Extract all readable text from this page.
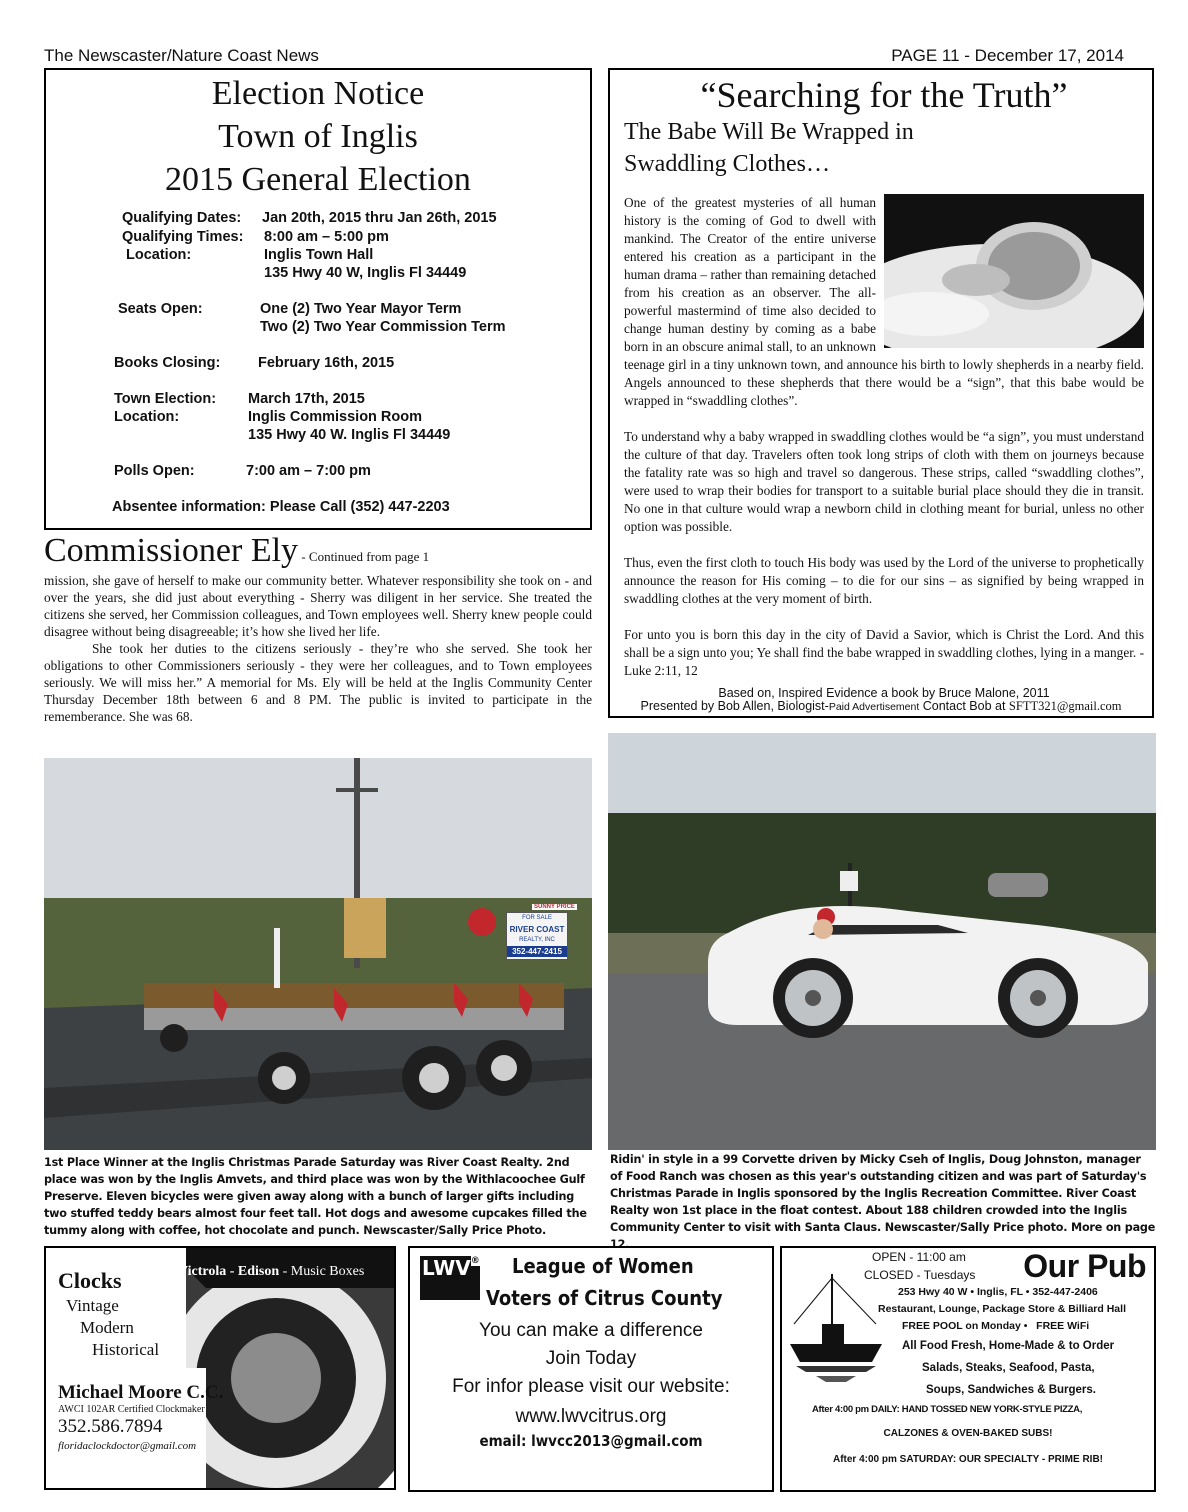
The Newscaster/Nature Coast News	PAGE 11 - December 17, 2014
Election Notice
Town of Inglis
2015 General Election
Qualifying Dates: Jan 20th, 2015 thru Jan 26th, 2015
Qualifying Times: 8:00 am – 5:00 pm
Location:	Inglis Town Hall
135 Hwy 40 W, Inglis Fl 34449
Seats Open:	One (2) Two Year Mayor Term
Two (2) Two Year Commission Term
Books Closing:	February 16th, 2015
Town Election: March 17th, 2015
Location:	Inglis Commission Room
135 Hwy 40 W. Inglis Fl 34449
Polls Open:	7:00 am – 7:00 pm
Absentee information: Please Call (352) 447-2203
Commissioner Ely - Continued from page 1

mission, she gave of herself to make our community better. Whatever responsibility she took on - and over the years, she did just about everything - Sherry was diligent in her service. She treated the citizens she served, her Commission colleagues, and Town employees well. Sherry knew people could disagree without being disagreeable; it’s how she lived her life.

She took her duties to the citizens seriously - they’re who she served. She took her obligations to other Commissioners seriously - they were her colleagues, and to Town employees seriously. We will miss her.” A memorial for Ms. Ely will be held at the Inglis Community Center Thursday December 18th between 6 and 8 PM. The public is invited to participate in the rememberance. She was 68.

“Searching for the Truth”
The Babe Will Be Wrapped in
Swaddling Clothes…

One of the greatest mysteries of all human history is the coming of God to dwell with mankind. The Creator of the entire universe entered his creation as a participant in the human drama – rather than remaining detached from his creation as an observer. The all-powerful mastermind of time also decided to change human destiny by coming as a babe born in an obscure animal stall, to an unknown teenage girl in a tiny unknown town, and announce his birth to lowly shepherds in a nearby field. Angels announced to these shepherds that there would be a “sign”, that this babe would be wrapped in “swaddling clothes”.

To understand why a baby wrapped in swaddling clothes would be “a sign”, you must understand the culture of that day. Travelers often took long strips of cloth with them on journeys because the fatality rate was so high and travel so dangerous. These strips, called “swaddling clothes”, were used to wrap their bodies for transport to a suitable burial place should they die in transit. No one in that culture would wrap a newborn child in clothing meant for burial, unless no other option was possible.

Thus, even the first cloth to touch His body was used by the Lord of the universe to prophetically announce the reason for His coming – to die for our sins – as signified by being wrapped in swaddling clothes at the very moment of birth.

For unto you is born this day in the city of David a Savior, which is Christ the Lord. And this shall be a sign unto you; Ye shall find the babe wrapped in swaddling clothes, lying in a manger. - Luke 2:11, 12

Based on, Inspired Evidence a book by Bruce Malone, 2011
Presented by Bob Allen, Biologist-Paid Advertisement Contact Bob at SFTT321@gmail.com
FOR SALE
RIVER COAST
REALTY, INC
352-447-2415
SUNNY PRICE
1st Place Winner at the Inglis Christmas Parade Saturday was River Coast Realty. 2nd place was won by the Inglis Amvets, and third place was won by the Withlacoochee Gulf Preserve. Eleven bicycles were given away along with a bunch of larger gifts including two stuffed teddy bears almost four feet tall. Hot dogs and awesome cupcakes filled the tummy along with coffee, hot chocolate and punch. Newscaster/Sally Price Photo.
Ridin' in style in a 99 Corvette driven by Micky Cseh of Inglis, Doug Johnston, manager of Food Ranch was chosen as this year's outstanding citizen and was part of Saturday's Christmas Parade in Inglis sponsored by the Inglis Recreation Committee. River Coast Realty won 1st place in the float contest. About 188 children crowded into the Inglis Community Center to visit with Santa Claus. Newscaster/Sally Price photo. More on page 12.
Clocks
Vintage
Modern
Historical
Victrola - Edison - Music Boxes
Michael Moore C.C.
AWCI 102AR Certified Clockmaker
352.586.7894
floridaclockdoctor@gmail.com
LWV® League of Women
Voters of Citrus County
You can make a difference
Join Today
For infor please visit our website:
www.lwvcitrus.org
email: lwvcc2013@gmail.com
OPEN - 11:00 am
CLOSED - Tuesdays Our Pub
253 Hwy 40 W • Inglis, FL • 352-447-2406
Restaurant, Lounge, Package Store & Billiard Hall
FREE POOL on Monday •   FREE WiFi
All Food Fresh, Home-Made & to Order
Salads, Steaks, Seafood, Pasta,
Soups, Sandwiches & Burgers.
After 4:00 pm DAILY: HAND TOSSED NEW YORK-STYLE PIZZA,
CALZONES & OVEN-BAKED SUBS!
After 4:00 pm SATURDAY: OUR SPECIALTY - PRIME RIB!
